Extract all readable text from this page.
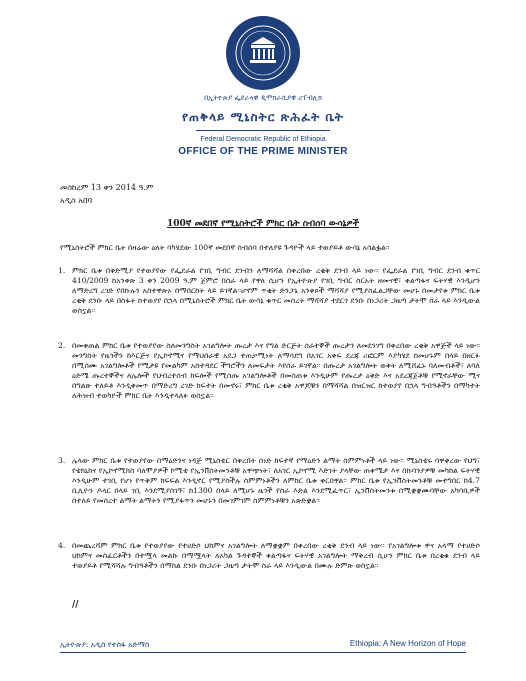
በኢትዮጵያ ፌደራላዊ ዲሞክራሲያዊ ሪፐብሊክ
የጠቅላይ ሚኒስትር ጽሕፈት ቤት
Federal Democratic Republic of Ethiopia
OFFICE OF THE PRIME MINISTER
መስከረም 13 ቀን 2014 ዓ.ም
አዲስ አበባ
100ኛ መደበኛ የሚኒስትሮች ምክር ቤት ስብሰባ ውሳኔዎች
የሚኒስትሮች ምክር ቤት በዛሬው ዕለት ባካሄደው 100ኛ መደበኛ ስብሰባ በተለያዩ ጉዳዮች ላይ ተወያይቶ ውሳኔ አሳልፏል፡፡
1. ምክር ቤቱ በቅድሚያ የተወያየው የፌደራል የገቢ ግብር ደንብን ለማሻሻል በቀረበው ረቂቅ ደንብ ላይ ነው፡፡ የፌደራል የገቢ ግብር ደንብ ቁጥር 410/2009 ከአንቀጽ 3 ቀን 2009 ዓ.ም ጀምሮ በስራ ላይ የዋለ ሲሆን የኢትዮጵያ የገቢ ግብር ስርአት ዘመናዊ፣ ቀልጣፋና ፍትሃዊ እንዲሆን ለማድረግ ረገድ የበኩሉን አስተዋጽኦ በማበርከት ላይ ይገኛል፡፡ሆኖም ጥቂት ድንጋጌ አንቀጾች ማሻሻያ የሚያስፈልጋቸው መሆኑ በመታየቱ ምክር ቤቱ ረቂቅ ደንቡ ላይ በስፋት ከተወያየ በኋላ በሚኒስትሮች ምክር ቤት ውሳኔ ቁጥር መሰረት ማሻሻያ ተደርጎ ደንቡ በነጋሪት ጋዜጣ ታትሞ ስራ ላይ እንዲውል ወስኗል፡፡
2. በመቀጠል ምክር ቤቱ የተወያየው ስለመንግስት አገልግሎት ጡረታ እና የግል ድርጅት ሰራተኞች ጡረታን ለመደንገግ በቀረበው ረቂቅ አዋጅች ላይ ነው፡፡ መንግስት የዜጎችን ከእርጅና የኢኮኖሚና የማህበራዊ አደጋ ተጠቃሚነት ለማሳደግ በአገር አቀፍ ደረጃ ሪፎርም እያካሄደ ከመሆኑም በላይ በዘርፉ በሚሰሙ አገልግሎቶች የሚታዩ የመልካም አስተዳደር ችግሮችን ለመፍታት እየሰራ ይገኛል፡፡ በጡረታ አገልግሎት ወቅት ለሚሸፈኑ ባለመብቶች፣ ለባለ ዕድሜ ጡረተኞችና ለሌሎች የህብረተሰብ ክፍሎች የሚሰጡ አገልግሎቶች በመሰጠቱ እንዲሁም የጡረታ ዕቅድ እና አደረጃጀቶቹ የሚኖራቸው ሚና በግልጽ ተለይቶ እንዲቀመጥ በማድረግ ረገድ ክፍተት በመኖሩ፣ ምክር ቤቱ ረቂቅ አዋጆቹን በማሻሻል በዝርዝር ከተወያየ በኋላ ግብዓቶችን በማካተት ለሕዝብ ተወካዮች ምክር ቤት እንዲተላለፉ ወስኗል፡፡
3. ሌላው ምክር ቤቱ የተወያየው በማዕድንና ነዳጅ ሚኒስቴር በቀረበት ሰነድ ከፍተኛ የማዕድን ልማት ስምምነቶች ላይ ነው፡፡ ሚኒስቴሩ ባዋቀረው የህግ፣ የቴክኒክና የኢኮኖሚክስ ባለሞያዎች ኮሚቴ የኢንቨስትመንቶቹ አዋጭነት፣ ለአገር ኢኮኖሚ እድገት ያላቸው ጠቀሜታ እና በኩባንያዎቹ መካከል ፍትሃዊ እንዲሁም ተገቢ የሆነ የጥቅም ክፍፍል እንዲኖር የሚያስችሉ ስምምነቶችን ለምክር ቤቱ ቀርበዋል፡፡ ምክር ቤቱ የኢንቨስትመንቶቹ መተግበር ከ4.7 ቢሊዮን ዶላር በላይ ገቢ እንደሚያስገኝ፣ ከ1300 በላይ ለሚሆኑ ዜጎች የስራ እድል እንደሚፈጥር፣ ኢንቨስትመንቱ በሚቋቋሙባቸው አካባቢዎች በተለይ የመሰረተ ልማት ልማትን የሚያፋጥን መሆኑን በመገምገም ስምምነቶቹን አጽድቋል፡፡
4. በመጨረሻም ምክር ቤቱ የተወያየው የተሀድሶ ህክምና አገልግሎት ለማቋቋም በቀረበው ረቂቅ ደንብ ላይ ነው፡፡ የአገልግሎቱ ዋና አላማ የተሀድሶ ህክምና መስፈርቶችን በተሟላ መልኩ በማሟላት ለአካል ጉዳተኞች ቀልጣፋና ፍትሃዊ አገልግሎት ማቅረብ ሲሆን ምክር ቤቱ በረቂቁ ደንብ ላይ ተወያይቶ የሚሻሻሉ ግብዓቶችን በማከል ደንቡ በነጋሪት ጋዜጣ ታትሞ ስራ ላይ እንዲውል በሙሉ ድምጽ ወስኗል፡፡
//
ኢትዮጵያ: አዲስ የተስፋ አድማስ	Ethiopia: A New Horizon of Hope
